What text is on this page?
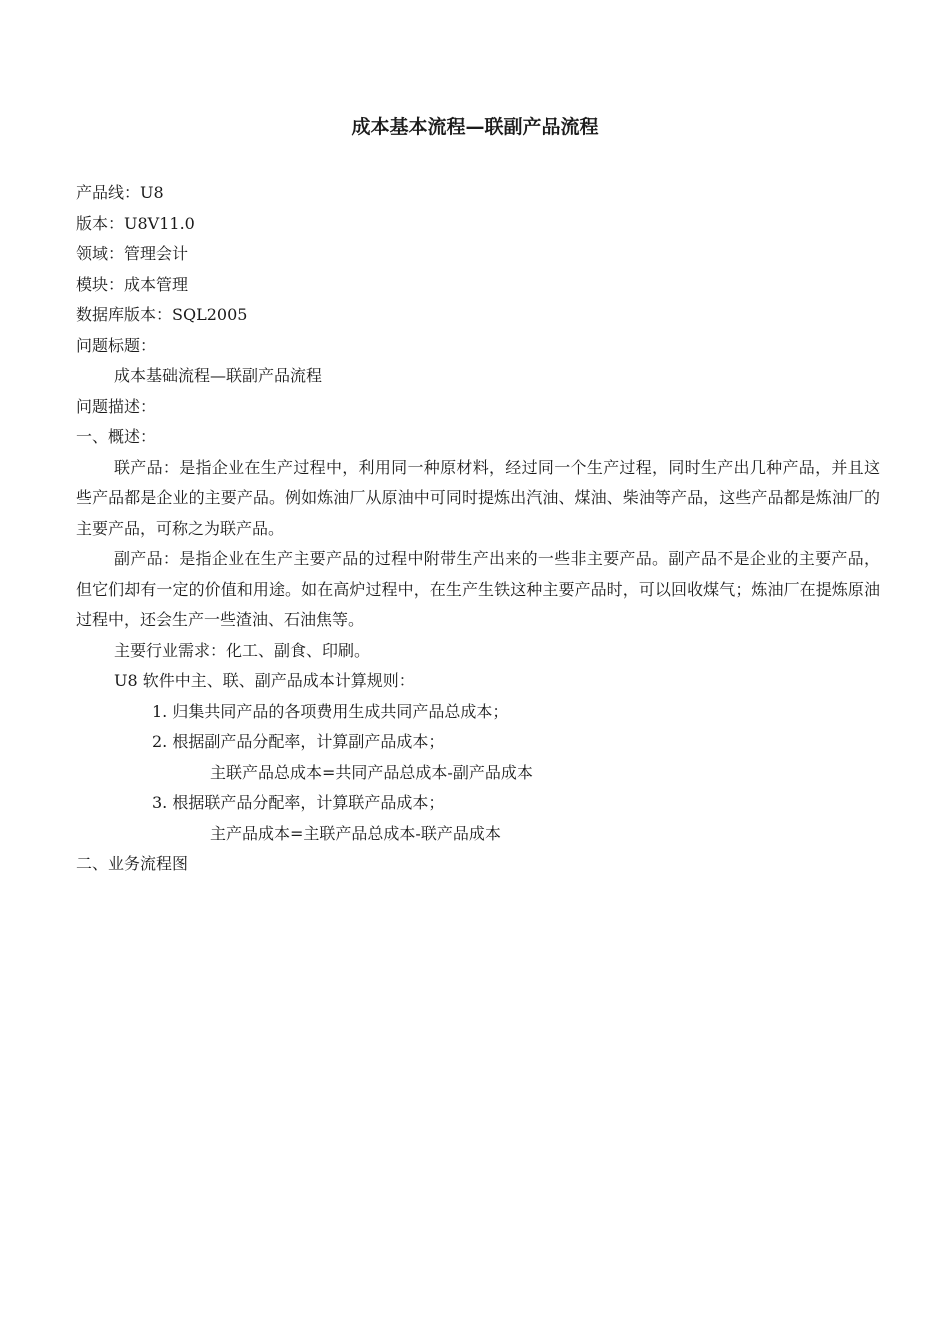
成本基本流程—联副产品流程

产品线：U8

版本：U8V11.0

领域：管理会计

模块：成本管理

数据库版本：SQL2005

问题标题：

成本基础流程—联副产品流程

问题描述：

一、概述：

联产品：是指企业在生产过程中，利用同一种原材料，经过同一个生产过程，同时生产出几种产品，并且这些产品都是企业的主要产品。例如炼油厂从原油中可同时提炼出汽油、煤油、柴油等产品，这些产品都是炼油厂的主要产品，可称之为联产品。

副产品：是指企业在生产主要产品的过程中附带生产出来的一些非主要产品。副产品不是企业的主要产品，但它们却有一定的价值和用途。如在高炉过程中，在生产生铁这种主要产品时，可以回收煤气；炼油厂在提炼原油过程中，还会生产一些渣油、石油焦等。

主要行业需求：化工、副食、印刷。

U8 软件中主、联、副产品成本计算规则：

1. 归集共同产品的各项费用生成共同产品总成本；

2. 根据副产品分配率，计算副产品成本；

主联产品总成本=共同产品总成本-副产品成本

3. 根据联产品分配率，计算联产品成本；

主产品成本=主联产品总成本-联产品成本

二、业务流程图
